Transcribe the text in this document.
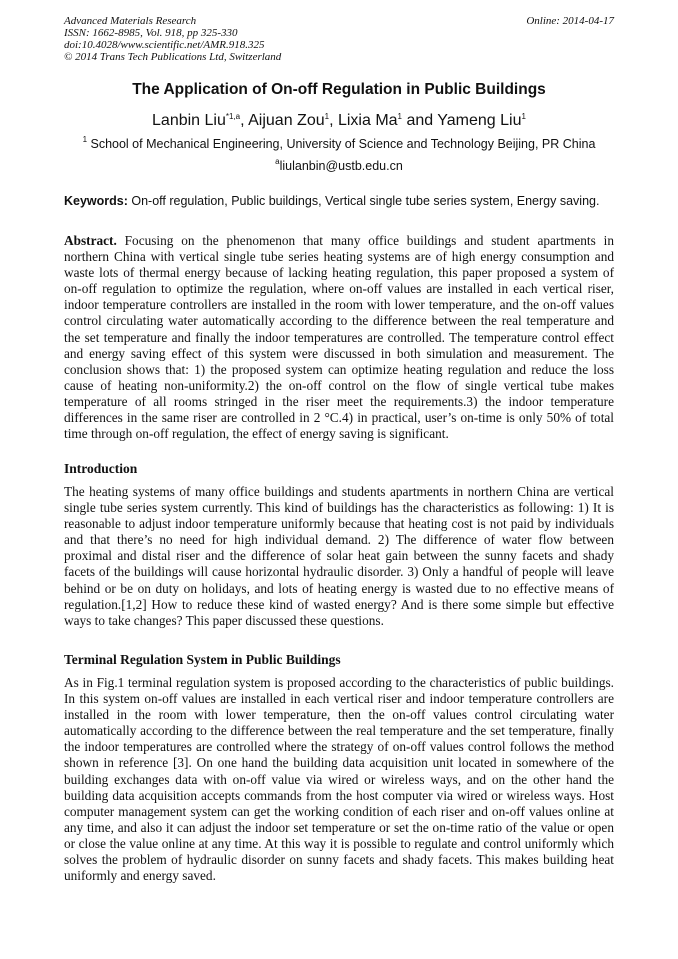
Advanced Materials Research
ISSN: 1662-8985, Vol. 918, pp 325-330
doi:10.4028/www.scientific.net/AMR.918.325
© 2014 Trans Tech Publications Ltd, Switzerland
Online: 2014-04-17
The Application of On-off Regulation in Public Buildings
Lanbin Liu$^{*1,a}$, Aijuan Zou$^1$, Lixia Ma$^1$ and Yameng Liu$^1$
$^1$ School of Mechanical Engineering, University of Science and Technology Beijing, PR China
$^a$liulanbin@ustb.edu.cn
Keywords: On-off regulation, Public buildings, Vertical single tube series system, Energy saving.
Abstract. Focusing on the phenomenon that many office buildings and student apartments in
northern China with vertical single tube series heating systems are of high energy consumption and
waste lots of thermal energy because of lacking heating regulation, this paper proposed a system of
on-off regulation to optimize the regulation, where on-off values are installed in each vertical riser,
indoor temperature controllers are installed in the room with lower temperature, and the on-off values
control circulating water automatically according to the difference between the real temperature and
the set temperature and finally the indoor temperatures are controlled. The temperature control effect
and energy saving effect of this system were discussed in both simulation and measurement. The
conclusion shows that: 1) the proposed system can optimize heating regulation and reduce the loss
cause of heating non-uniformity.2) the on-off control on the flow of single vertical tube makes
temperature of all rooms stringed in the riser meet the requirements.3) the indoor temperature
differences in the same riser are controlled in 2 °C.4) in practical, user’s on-time is only 50% of total
time through on-off regulation, the effect of energy saving is significant.
Introduction
The heating systems of many office buildings and students apartments in northern China are vertical
single tube series system currently. This kind of buildings has the characteristics as following: 1) It is
reasonable to adjust indoor temperature uniformly because that heating cost is not paid by individuals
and that there’s no need for high individual demand. 2) The difference of water flow between
proximal and distal riser and the difference of solar heat gain between the sunny facets and shady
facets of the buildings will cause horizontal hydraulic disorder. 3) Only a handful of people will leave
behind or be on duty on holidays, and lots of heating energy is wasted due to no effective means of
regulation.[1,2] How to reduce these kind of wasted energy? And is there some simple but effective
ways to take changes? This paper discussed these questions.
Terminal Regulation System in Public Buildings
As in Fig.1 terminal regulation system is proposed according to the characteristics of public buildings.
In this system on-off values are installed in each vertical riser and indoor temperature controllers are
installed in the room with lower temperature, then the on-off values control circulating water
automatically according to the difference between the real temperature and the set temperature, finally
the indoor temperatures are controlled where the strategy of on-off values control follows the method
shown in reference [3]. On one hand the building data acquisition unit located in somewhere of the
building exchanges data with on-off value via wired or wireless ways, and on the other hand the
building data acquisition accepts commands from the host computer via wired or wireless ways. Host
computer management system can get the working condition of each riser and on-off values online at
any time, and also it can adjust the indoor set temperature or set the on-time ratio of the value or open
or close the value online at any time. At this way it is possible to regulate and control uniformly which
solves the problem of hydraulic disorder on sunny facets and shady facets. This makes building heat
uniformly and energy saved.
